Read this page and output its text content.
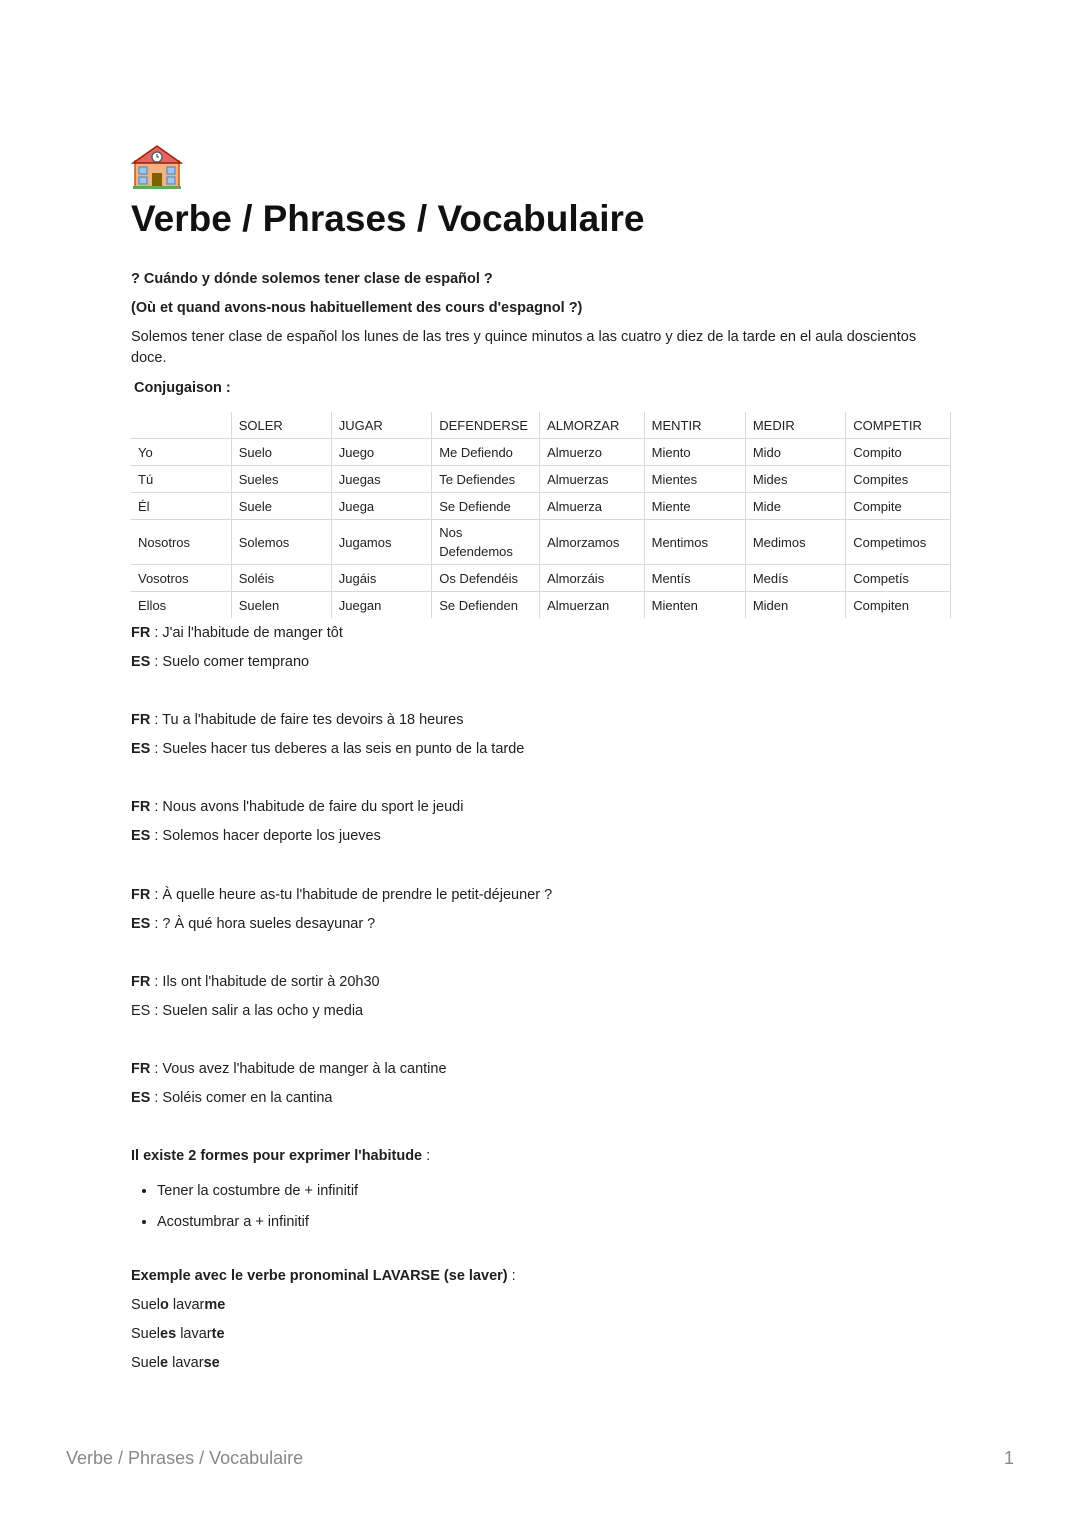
Verbe / Phrases / Vocabulaire

? Cuándo y dónde solemos tener clase de español ?

(Où et quand avons-nous habituellement des cours d'espagnol ?)

Solemos tener clase de español los lunes de las tres y quince minutos a las cuatro y diez de la tarde en el aula doscientos doce.

Conjugaison :

	SOLER	JUGAR	DEFENDERSE	ALMORZAR	MENTIR	MEDIR	COMPETIR
Yo	Suelo	Juego	Me Defiendo	Almuerzo	Miento	Mido	Compito
Tú	Sueles	Juegas	Te Defiendes	Almuerzas	Mientes	Mides	Compites
Él	Suele	Juega	Se Defiende	Almuerza	Miente	Mide	Compite
Nosotros	Solemos	Jugamos	Nos Defendemos	Almorzamos	Mentimos	Medimos	Competimos
Vosotros	Soléis	Jugáis	Os Defendéis	Almorzáis	Mentís	Medís	Competís
Ellos	Suelen	Juegan	Se Defienden	Almuerzan	Mienten	Miden	Compiten

FR : J'ai l'habitude de manger tôt

ES : Suelo comer temprano

FR : Tu a l'habitude de faire tes devoirs à 18 heures

ES : Sueles hacer tus deberes a las seis en punto de la tarde

FR : Nous avons l'habitude de faire du sport le jeudi

ES : Solemos hacer deporte los jueves

FR : À quelle heure as-tu l'habitude de prendre le petit-déjeuner ?

ES : ? À qué hora sueles desayunar ?

FR : Ils ont l'habitude de sortir à 20h30

ES : Suelen salir a las ocho y media

FR : Vous avez l'habitude de manger à la cantine

ES : Soléis comer en la cantina

Il existe 2 formes pour exprimer l'habitude :

• Tener la costumbre de + infinitif
• Acostumbrar a + infinitif

Exemple avec le verbe pronominal LAVARSE (se laver) :

Suelo lavarme

Sueles lavarte

Suele lavarse

Verbe / Phrases / Vocabulaire	1
